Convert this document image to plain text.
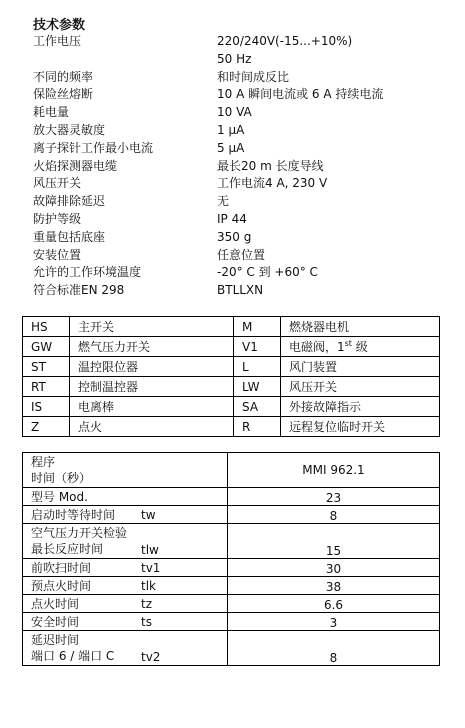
技术参数
工作电压	220/240V(-15...+10%)
50 Hz
不同的频率	和时间成反比
保险丝熔断	10 A 瞬间电流或 6 A 持续电流
耗电量	10 VA
放大器灵敏度	1 μA
离子探针工作最小电流	5 μA
火焰探测器电缆	最长20 m 长度导线
风压开关	工作电流4 A, 230 V
故障排除延迟	无
防护等级	IP 44
重量包括底座	350 g
安装位置	任意位置
允许的工作环境温度	-20° C 到 +60° C
符合标准EN 298	BTLLXN
HS	主开关	M	燃烧器电机
GW	燃气压力开关	V1	电磁阀，1st 级
ST	温控限位器	L	风门装置
RT	控制温控器	LW	风压开关
IS	电离棒	SA	外接故障指示
Z	点火	R	远程复位临时开关
程序
时间（秒）	MMI 962.1

型号 Mod.	23

启动时等待时间 tw	8

空气压力开关检验
最长反应时间 tlw	15

前吹扫时间 tv1	30

预点火时间 tlk	38

点火时间 tz	6.6

安全时间 ts	3

延迟时间
端口 6 / 端口 C tv2	8
